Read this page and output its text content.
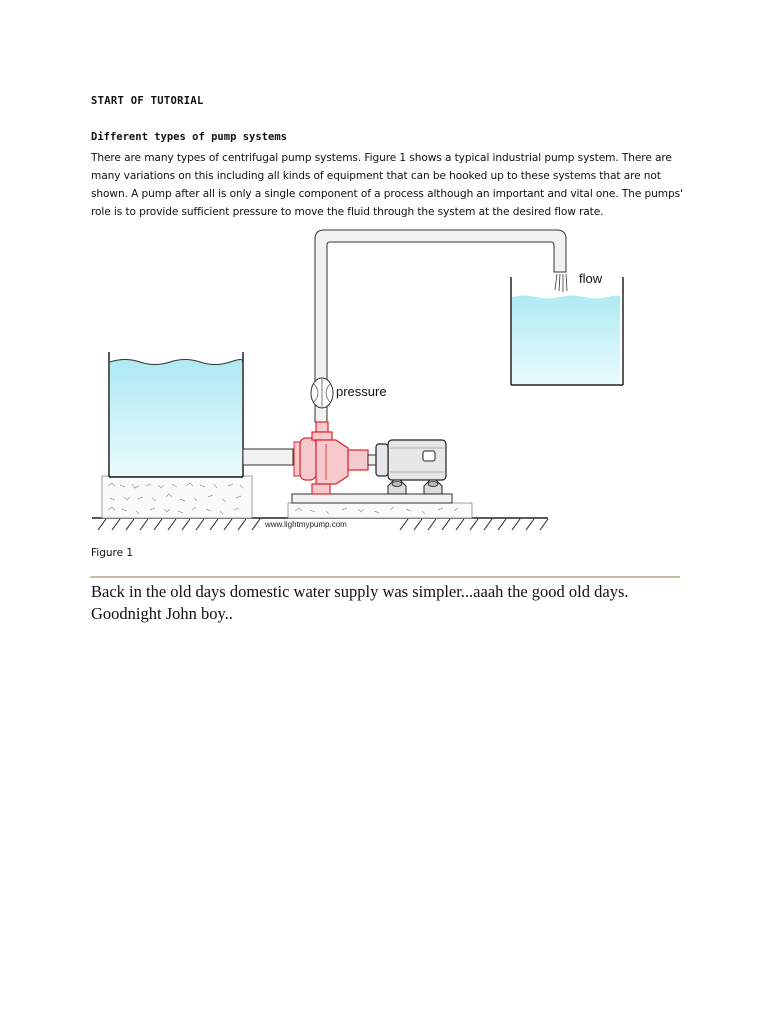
START OF TUTORIAL
Different types of pump systems
There are many types of centrifugal pump systems. Figure 1 shows a typical industrial pump system. There are
many variations on this including all kinds of equipment that can be hooked up to these systems that are not
shown. A pump after all is only a single component of a process although an important and vital one. The pumps'
role is to provide sufficient pressure to move the fluid through the system at the desired flow rate.
pressure
flow
www.lightmypump.com
Figure 1
Back in the old days domestic water supply was simpler...aaah the good old days.
Goodnight John boy..
